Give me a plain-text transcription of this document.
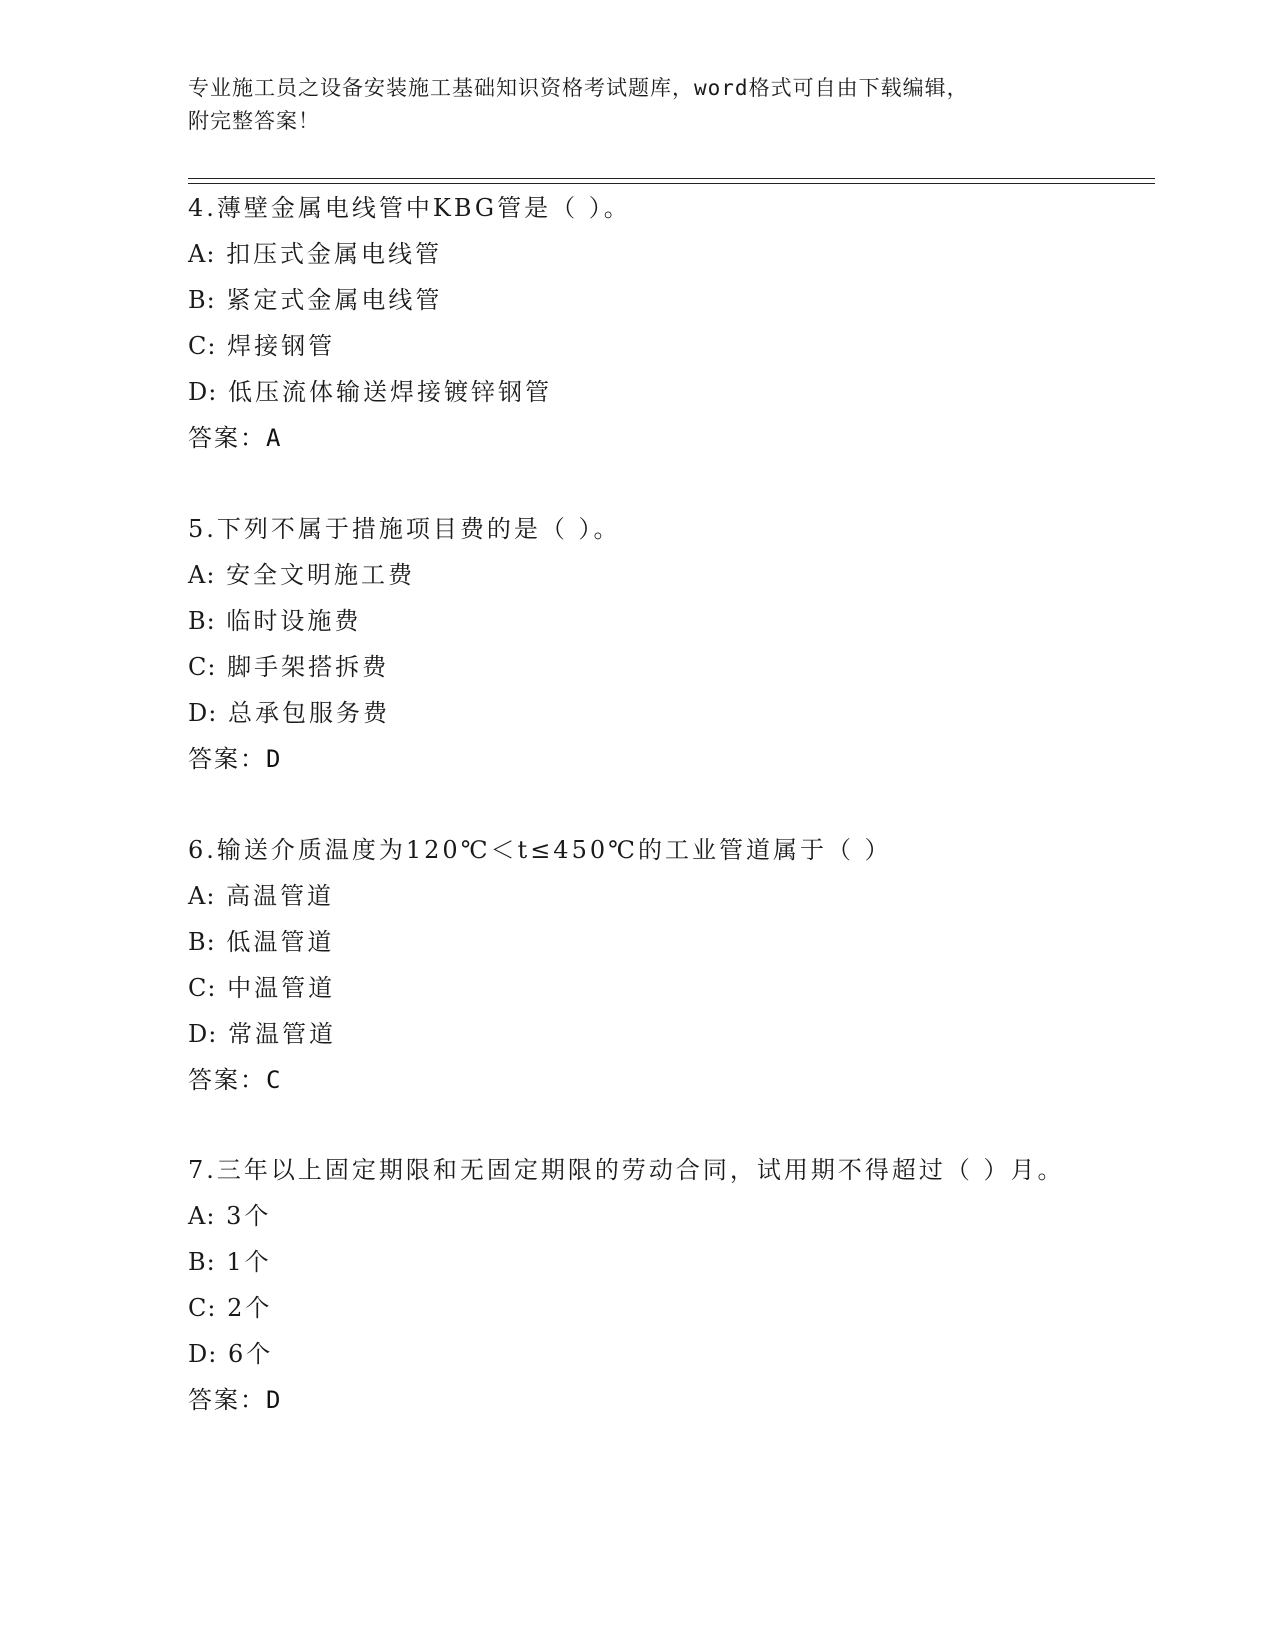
专业施工员之设备安装施工基础知识资格考试题库，word格式可自由下载编辑，
附完整答案！
4.薄壁金属电线管中KBG管是（ ）。
A: 扣压式金属电线管
B: 紧定式金属电线管
C: 焊接钢管
D: 低压流体输送焊接镀锌钢管
答案：A
5.下列不属于措施项目费的是（ ）。
A: 安全文明施工费
B: 临时设施费
C: 脚手架搭拆费
D: 总承包服务费
答案：D
6.输送介质温度为120℃＜t≤450℃的工业管道属于（ ）
A: 高温管道
B: 低温管道
C: 中温管道
D: 常温管道
答案：C
7.三年以上固定期限和无固定期限的劳动合同，试用期不得超过（ ）月。
A: 3个
B: 1个
C: 2个
D: 6个
答案：D
